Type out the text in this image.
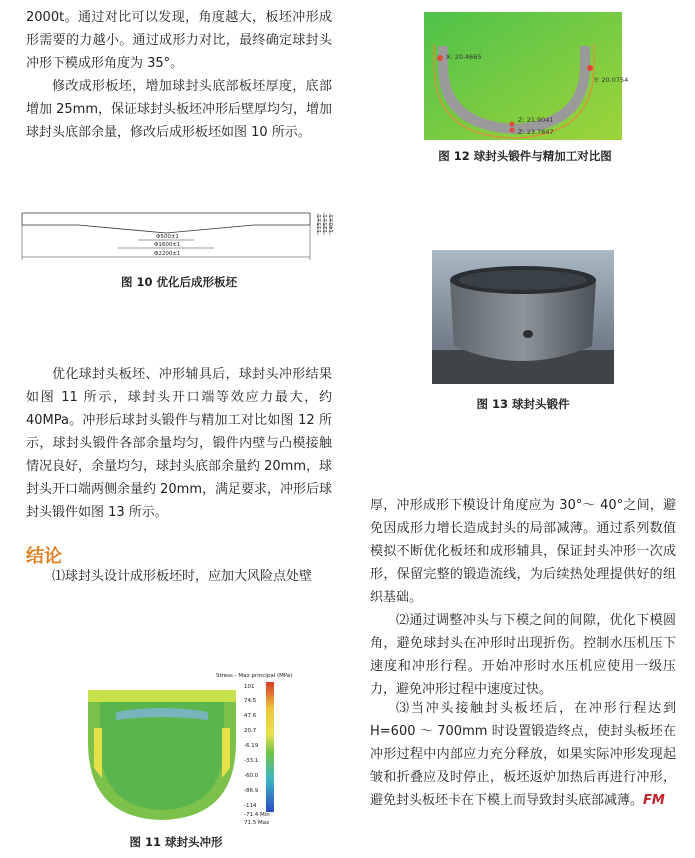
2000t。通过对比可以发现，角度越大，板坯冲形成形需要的力越小。通过成形力对比，最终确定球封头冲形下模成形角度为 35°。
修改成形板坯，增加球封头底部板坯厚度，底部增加 25mm，保证球封头板坯冲形后壁厚均匀，增加球封头底部余量，修改后成形板坯如图 10 所示。
Φ500±1
Φ1600±1
Φ2200±1
115±1 125±1 140±1
图 10 优化后成形板坯
优化球封头板坯、冲形辅具后，球封头冲形结果如图 11 所示，球封头开口端等效应力最大，约 40MPa。冲形后球封头锻件与精加工对比如图 12 所示，球封头锻件各部余量均匀，锻件内壁与凸模接触情况良好，余量均匀，球封头底部余量约 20mm，球封头开口端两侧余量约 20mm，满足要求，冲形后球封头锻件如图 13 所示。
结论
⑴球封头设计成形板坯时，应加大风险点处壁
Stress - Max principal (MPa)
101
74.5
47.6
20.7
-6.19
-33.1
-60.0
-86.9
-114
-71.4 Min
71.5 Max
图 11 球封头冲形
X: 20.4665
Y: 20.0754
Z: 21.9041
Z: 23.7847
图 12 球封头锻件与精加工对比图
图 13 球封头锻件
厚，冲形成形下模设计角度应为 30°～ 40°之间，避免因成形力增长造成封头的局部减薄。通过系列数值模拟不断优化板坯和成形辅具，保证封头冲形一次成形，保留完整的锻造流线，为后续热处理提供好的组织基础。
⑵通过调整冲头与下模之间的间隙，优化下模圆角，避免球封头在冲形时出现折伤。控制水压机压下速度和冲形行程。开始冲形时水压机应使用一级压力，避免冲形过程中速度过快。
⑶当冲头接触封头板坯后，在冲形行程达到 H=600 ～ 700mm 时设置锻造终点，使封头板坯在冲形过程中内部应力充分释放，如果实际冲形发现起皱和折叠应及时停止，板坯返炉加热后再进行冲形，避免封头板坯卡在下模上而导致封头底部减薄。FM
